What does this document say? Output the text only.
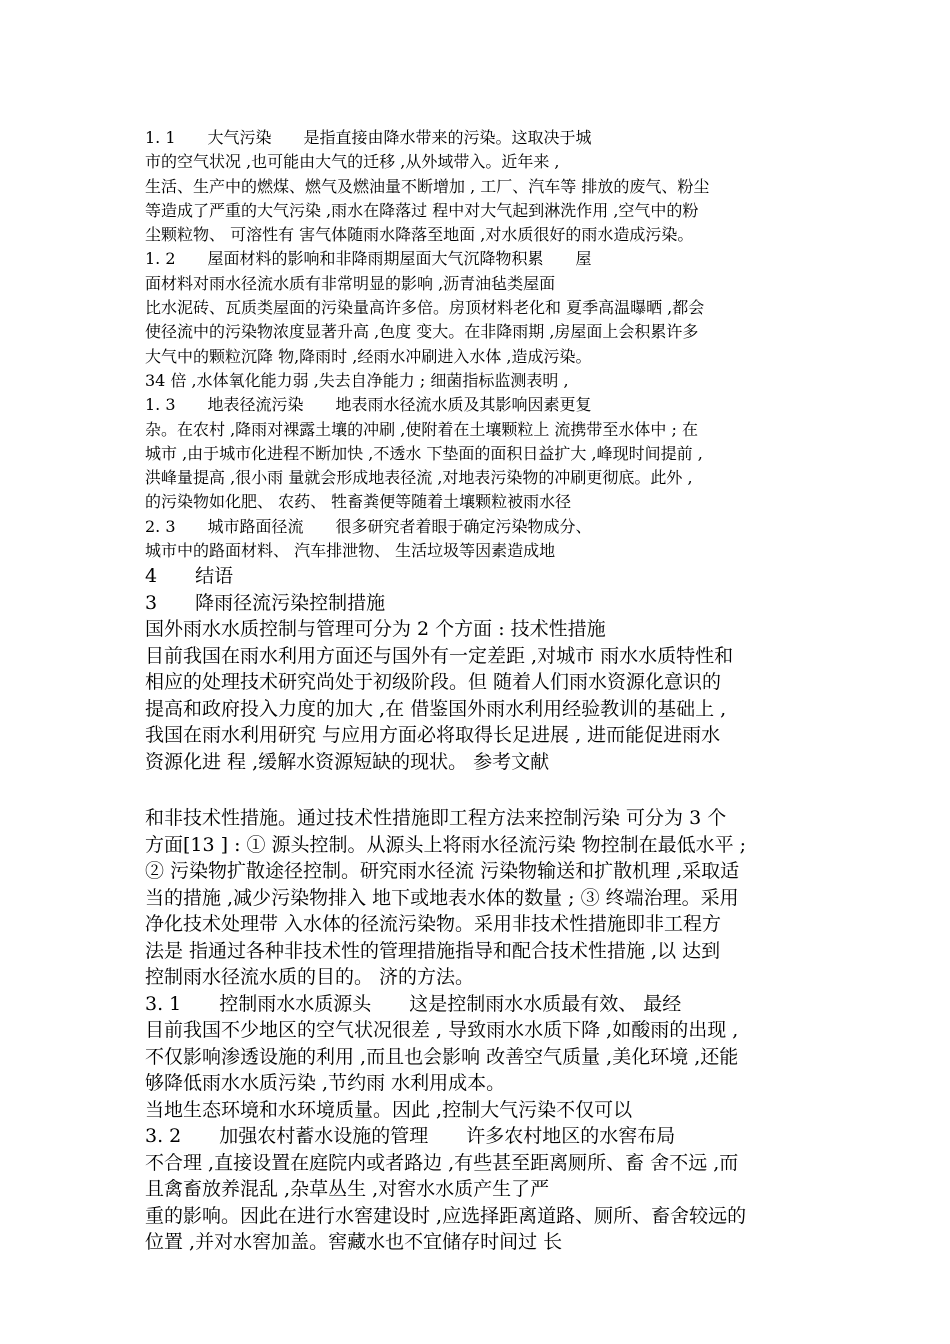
1. 1　　大气污染　　是指直接由降水带来的污染。这取决于城
市的空气状况 ,也可能由大气的迁移 ,从外域带入。近年来 ,
生活、生产中的燃煤、燃气及燃油量不断增加 , 工厂、汽车等 排放的废气、粉尘
等造成了严重的大气污染 ,雨水在降落过 程中对大气起到淋洗作用 ,空气中的粉
尘颗粒物、 可溶性有 害气体随雨水降落至地面 ,对水质很好的雨水造成污染。
1. 2　　屋面材料的影响和非降雨期屋面大气沉降物积累　　屋
面材料对雨水径流水质有非常明显的影响 ,沥青油毡类屋面
比水泥砖、瓦质类屋面的污染量高许多倍。房顶材料老化和 夏季高温曝晒 ,都会
使径流中的污染物浓度显著升高 ,色度 变大。在非降雨期 ,房屋面上会积累许多
大气中的颗粒沉降 物,降雨时 ,经雨水冲刷进入水体 ,造成污染。
34 倍 ,水体氧化能力弱 ,失去自净能力 ; 细菌指标监测表明 ,
1. 3　　地表径流污染　　地表雨水径流水质及其影响因素更复
杂。在农村 ,降雨对裸露土壤的冲刷 ,使附着在土壤颗粒上 流携带至水体中 ; 在
城市 ,由于城市化进程不断加快 ,不透水 下垫面的面积日益扩大 ,峰现时间提前 ,
洪峰量提高 ,很小雨 量就会形成地表径流 ,对地表污染物的冲刷更彻底。此外 ,
的污染物如化肥、 农药、 牲畜粪便等随着土壤颗粒被雨水径
2. 3　　城市路面径流　　很多研究者着眼于确定污染物成分、
城市中的路面材料、 汽车排泄物、 生活垃圾等因素造成地
4　　结语
3　　降雨径流污染控制措施
国外雨水水质控制与管理可分为 2 个方面 : 技术性措施
目前我国在雨水利用方面还与国外有一定差距 ,对城市 雨水水质特性和
相应的处理技术研究尚处于初级阶段。但 随着人们雨水资源化意识的
提高和政府投入力度的加大 ,在 借鉴国外雨水利用经验教训的基础上 ,
我国在雨水利用研究 与应用方面必将取得长足进展 , 进而能促进雨水
资源化进 程 ,缓解水资源短缺的现状。 参考文献
和非技术性措施。通过技术性措施即工程方法来控制污染 可分为 3 个
方面[13 ] : ① 源头控制。从源头上将雨水径流污染 物控制在最低水平 ;
② 污染物扩散途径控制。研究雨水径流 污染物输送和扩散机理 ,采取适
当的措施 ,减少污染物排入 地下或地表水体的数量 ; ③ 终端治理。采用
净化技术处理带 入水体的径流污染物。采用非技术性措施即非工程方
法是 指通过各种非技术性的管理措施指导和配合技术性措施 ,以 达到
控制雨水径流水质的目的。 济的方法。
3. 1　　控制雨水水质源头　　这是控制雨水水质最有效、 最经
目前我国不少地区的空气状况很差 , 导致雨水水质下降 ,如酸雨的出现 ,
不仅影响渗透设施的利用 ,而且也会影响 改善空气质量 ,美化环境 ,还能
够降低雨水水质污染 ,节约雨 水利用成本。
当地生态环境和水环境质量。因此 ,控制大气污染不仅可以
3. 2　　加强农村蓄水设施的管理　　许多农村地区的水窖布局
不合理 ,直接设置在庭院内或者路边 ,有些甚至距离厕所、畜 舍不远 ,而
且禽畜放养混乱 ,杂草丛生 ,对窖水水质产生了严
重的影响。因此在进行水窖建设时 ,应选择距离道路、厕所、畜舍较远的
位置 ,并对水窖加盖。窖藏水也不宜储存时间过 长
